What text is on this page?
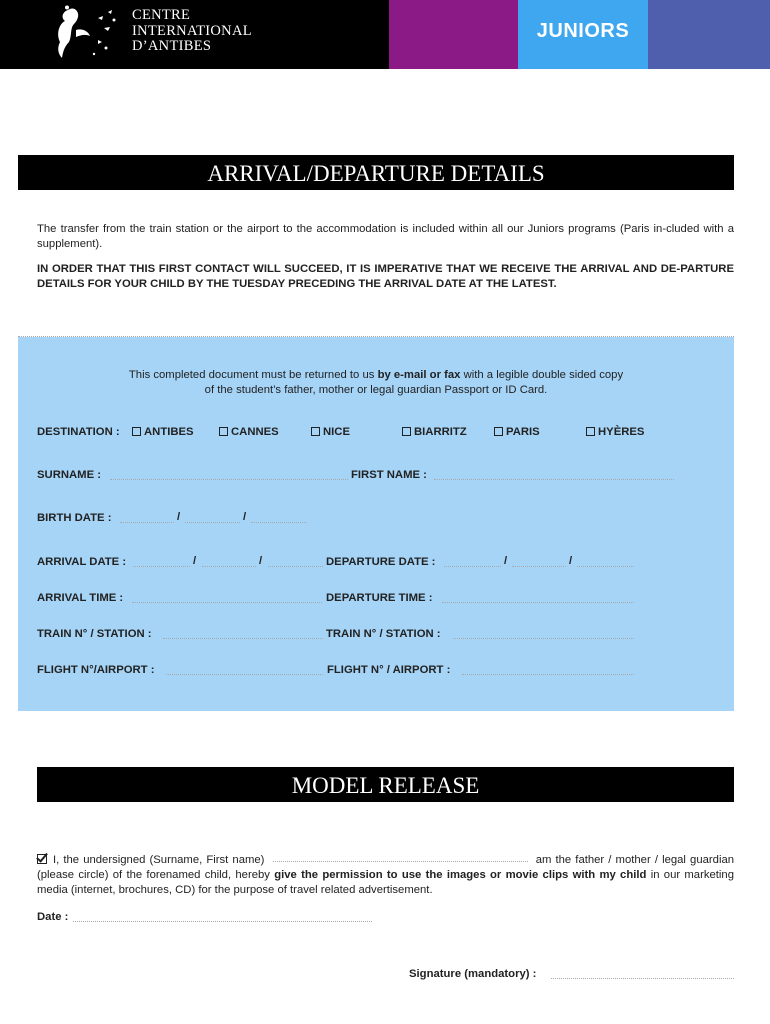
CENTRE
INTERNATIONAL
D’ANTIBES
JUNIORS
ARRIVAL/DEPARTURE DETAILS
The transfer from the train station or the airport to the accommodation is included within all our Juniors programs (Paris in-cluded with a supplement).
IN ORDER THAT THIS FIRST CONTACT WILL SUCCEED, IT IS IMPERATIVE THAT WE RECEIVE THE ARRIVAL AND DE-PARTURE DETAILS FOR YOUR CHILD BY THE TUESDAY PRECEDING THE ARRIVAL DATE AT THE LATEST.
This completed document must be returned to us by e-mail or fax with a legible double sided copy
of the student’s father, mother or legal guardian Passport or ID Card.
DESTINATION :	ANTIBES	CANNES	NICE	BIARRITZ	PARIS	HYÈRES
SURNAME :	FIRST NAME :
BIRTH DATE :	/	/
ARRIVAL DATE :	/	/	DEPARTURE DATE :	/	/
ARRIVAL TIME :	DEPARTURE TIME :
TRAIN N° / STATION :	TRAIN N° / STATION :
FLIGHT N°/AIRPORT :	FLIGHT N° / AIRPORT :
MODEL RELEASE
I, the undersigned (Surname, First name)	am the father / mother / legal guardian (please circle) of the forenamed child, hereby give the permission to use the images or movie clips with my child in our marketing media (internet, brochures, CD) for the purpose of travel related advertisement.
Date :
Signature (mandatory) :
